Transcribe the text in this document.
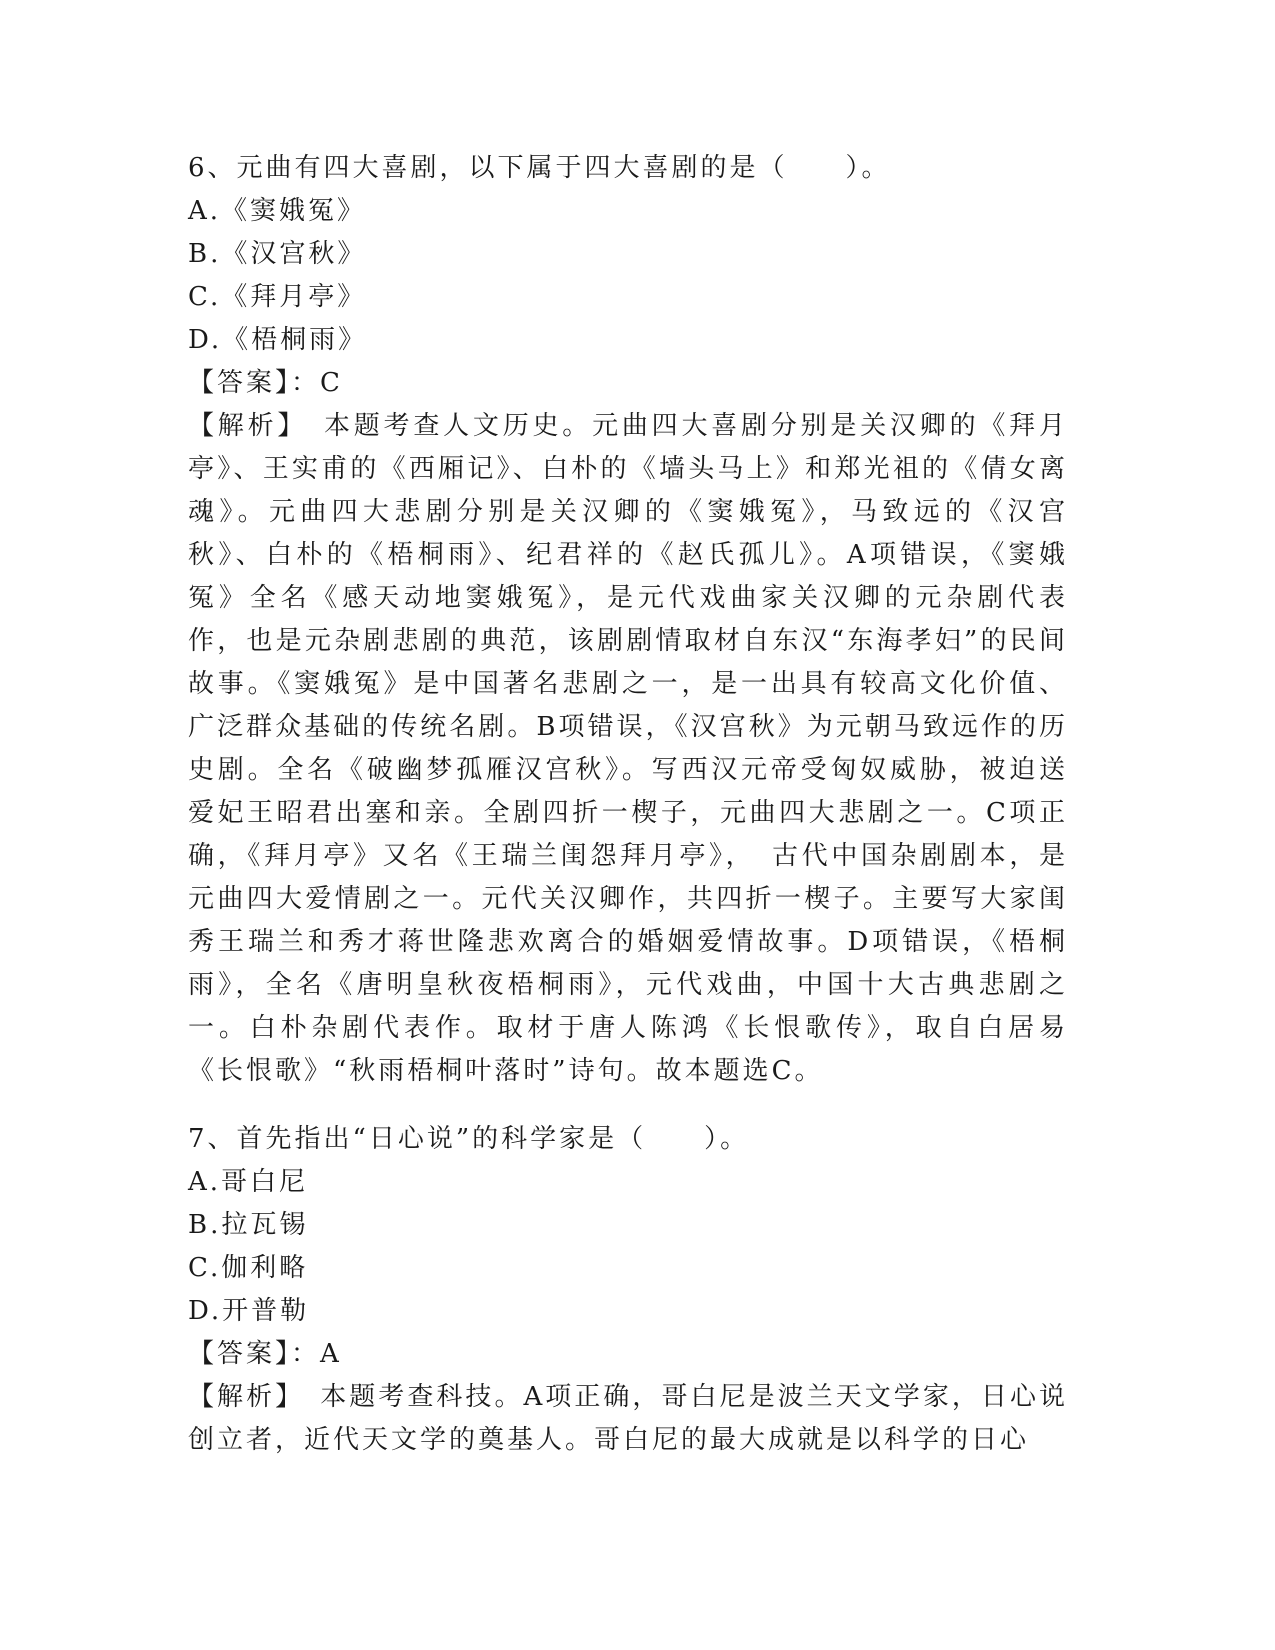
6、元曲有四大喜剧，以下属于四大喜剧的是（　　）。
A.《窦娥冤》
B.《汉宫秋》
C.《拜月亭》
D.《梧桐雨》
【答案】：C
【解析】　本题考查人文历史。元曲四大喜剧分别是关汉卿的《拜月亭》、王实甫的《西厢记》、白朴的《墙头马上》和郑光祖的《倩女离魂》。元曲四大悲剧分别是关汉卿的《窦娥冤》，马致远的《汉宫秋》、白朴的《梧桐雨》、纪君祥的《赵氏孤儿》。A项错误，《窦娥冤》全名《感天动地窦娥冤》，是元代戏曲家关汉卿的元杂剧代表作，也是元杂剧悲剧的典范，该剧剧情取材自东汉“东海孝妇”的民间故事。《窦娥冤》是中国著名悲剧之一，是一出具有较高文化价值、广泛群众基础的传统名剧。B项错误，《汉宫秋》为元朝马致远作的历史剧。全名《破幽梦孤雁汉宫秋》。写西汉元帝受匈奴威胁，被迫送爱妃王昭君出塞和亲。全剧四折一楔子，元曲四大悲剧之一。C项正确，《拜月亭》又名《王瑞兰闺怨拜月亭》，　古代中国杂剧剧本，是元曲四大爱情剧之一。元代关汉卿作，共四折一楔子。主要写大家闺秀王瑞兰和秀才蒋世隆悲欢离合的婚姻爱情故事。D项错误，《梧桐雨》，全名《唐明皇秋夜梧桐雨》，元代戏曲，中国十大古典悲剧之一。白朴杂剧代表作。取材于唐人陈鸿《长恨歌传》，取自白居易《长恨歌》“秋雨梧桐叶落时”诗句。故本题选C。
7、首先指出“日心说”的科学家是（　　）。
A.哥白尼
B.拉瓦锡
C.伽利略
D.开普勒
【答案】：A
【解析】　本题考查科技。A项正确，哥白尼是波兰天文学家，日心说创立者，近代天文学的奠基人。哥白尼的最大成就是以科学的日心
